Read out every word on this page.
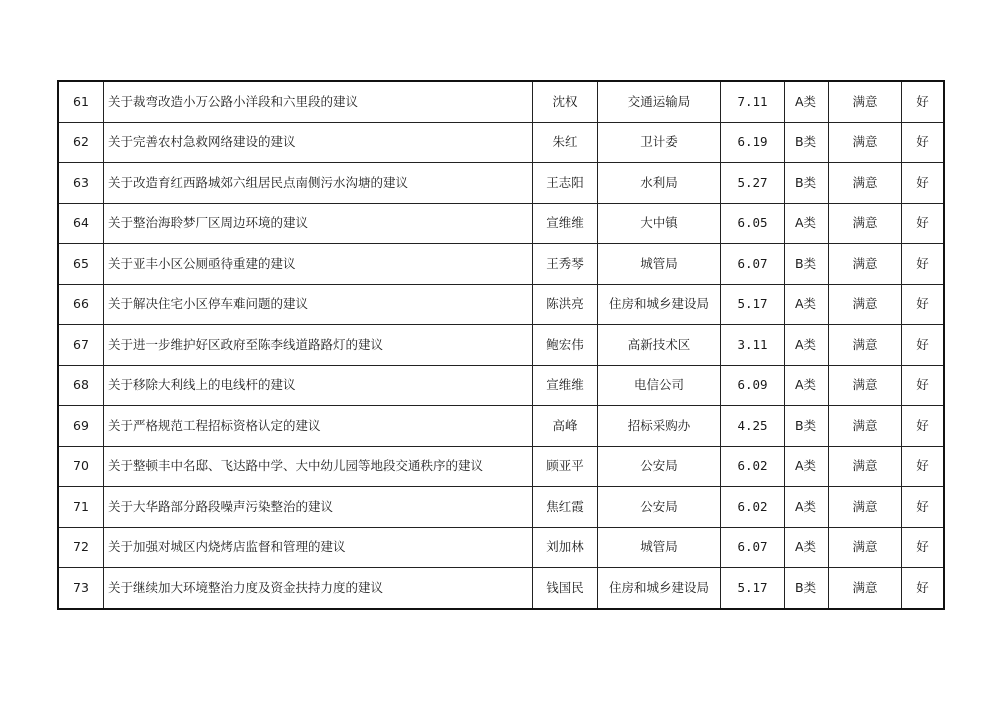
61	关于裁弯改造小万公路小洋段和六里段的建议	沈权	交通运输局	7.11	A类	满意	好
62	关于完善农村急救网络建设的建议	朱红	卫计委	6.19	B类	满意	好
63	关于改造育红西路城郊六组居民点南侧污水沟塘的建议	王志阳	水利局	5.27	B类	满意	好
64	关于整治海聆梦厂区周边环境的建议	宣维维	大中镇	6.05	A类	满意	好
65	关于亚丰小区公厕亟待重建的建议	王秀琴	城管局	6.07	B类	满意	好
66	关于解决住宅小区停车难问题的建议	陈洪亮	住房和城乡建设局	5.17	A类	满意	好
67	关于进一步维护好区政府至陈李线道路路灯的建议	鲍宏伟	高新技术区	3.11	A类	满意	好
68	关于移除大利线上的电线杆的建议	宣维维	电信公司	6.09	A类	满意	好
69	关于严格规范工程招标资格认定的建议	高峰	招标采购办	4.25	B类	满意	好
70	关于整顿丰中名邸、飞达路中学、大中幼儿园等地段交通秩序的建议	顾亚平	公安局	6.02	A类	满意	好
71	关于大华路部分路段噪声污染整治的建议	焦红霞	公安局	6.02	A类	满意	好
72	关于加强对城区内烧烤店监督和管理的建议	刘加林	城管局	6.07	A类	满意	好
73	关于继续加大环境整治力度及资金扶持力度的建议	钱国民	住房和城乡建设局	5.17	B类	满意	好
